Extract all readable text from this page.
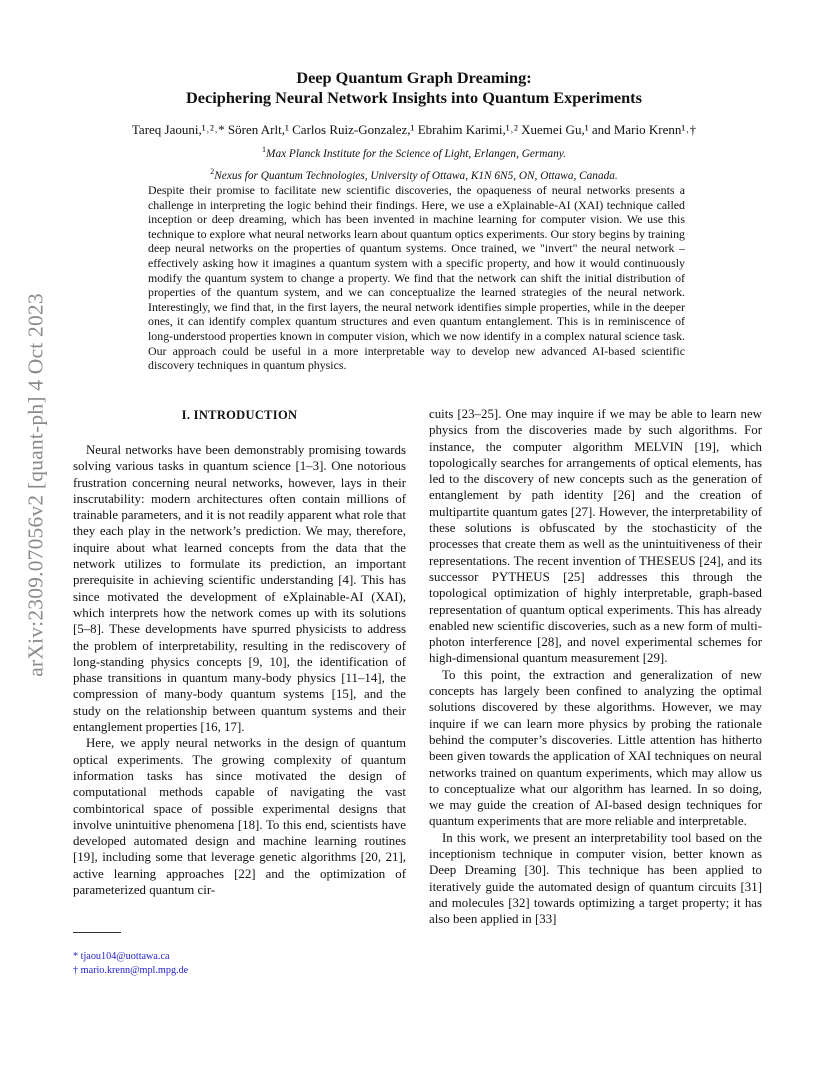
arXiv:2309.07056v2 [quant-ph] 4 Oct 2023
Deep Quantum Graph Dreaming:
Deciphering Neural Network Insights into Quantum Experiments
Tareq Jaouni,¹˒²˒* Sören Arlt,¹ Carlos Ruiz-Gonzalez,¹ Ebrahim Karimi,¹˒² Xuemei Gu,¹ and Mario Krenn¹˒†
$^1$Max Planck Institute for the Science of Light, Erlangen, Germany.
$^2$Nexus for Quantum Technologies, University of Ottawa, K1N 6N5, ON, Ottawa, Canada.
Despite their promise to facilitate new scientific discoveries, the opaqueness of neural networks presents a challenge in interpreting the logic behind their findings. Here, we use a eXplainable-AI (XAI) technique called inception or deep dreaming, which has been invented in machine learning for computer vision. We use this technique to explore what neural networks learn about quantum optics experiments. Our story begins by training deep neural networks on the properties of quantum systems. Once trained, we "invert" the neural network – effectively asking how it imagines a quantum system with a specific property, and how it would continuously modify the quantum system to change a property. We find that the network can shift the initial distribution of properties of the quantum system, and we can conceptualize the learned strategies of the neural network. Interestingly, we find that, in the first layers, the neural network identifies simple properties, while in the deeper ones, it can identify complex quantum structures and even quantum entanglement. This is in reminiscence of long-understood properties known in computer vision, which we now identify in a complex natural science task. Our approach could be useful in a more interpretable way to develop new advanced AI-based scientific discovery techniques in quantum physics.
I. INTRODUCTION

Neural networks have been demonstrably promising towards solving various tasks in quantum science [1–3]. One notorious frustration concerning neural networks, however, lays in their inscrutability: modern architectures often contain millions of trainable parameters, and it is not readily apparent what role that they each play in the network’s prediction. We may, therefore, inquire about what learned concepts from the data that the network utilizes to formulate its prediction, an important prerequisite in achieving scientific understanding [4]. This has since motivated the development of eXplainable-AI (XAI), which interprets how the network comes up with its solutions [5–8]. These developments have spurred physicists to address the problem of interpretability, resulting in the rediscovery of long-standing physics concepts [9, 10], the identification of phase transitions in quantum many-body physics [11–14], the compression of many-body quantum systems [15], and the study on the relationship between quantum systems and their entanglement properties [16, 17].

Here, we apply neural networks in the design of quantum optical experiments. The growing complexity of quantum information tasks has since motivated the design of computational methods capable of navigating the vast combintorical space of possible experimental designs that involve unintuitive phenomena [18]. To this end, scientists have developed automated design and machine learning routines [19], including some that leverage genetic algorithms [20, 21], active learning approaches [22] and the optimization of parameterized quantum cir-

cuits [23–25]. One may inquire if we may be able to learn new physics from the discoveries made by such algorithms. For instance, the computer algorithm MELVIN [19], which topologically searches for arrangements of optical elements, has led to the discovery of new concepts such as the generation of entanglement by path identity [26] and the creation of multipartite quantum gates [27]. However, the interpretability of these solutions is obfuscated by the stochasticity of the processes that create them as well as the unintuitiveness of their representations. The recent invention of THESEUS [24], and its successor PYTHEUS [25] addresses this through the topological optimization of highly interpretable, graph-based representation of quantum optical experiments. This has already enabled new scientific discoveries, such as a new form of multi-photon interference [28], and novel experimental schemes for high-dimensional quantum measurement [29].

To this point, the extraction and generalization of new concepts has largely been confined to analyzing the optimal solutions discovered by these algorithms. However, we may inquire if we can learn more physics by probing the rationale behind the computer’s discoveries. Little attention has hitherto been given towards the application of XAI techniques on neural networks trained on quantum experiments, which may allow us to conceptualize what our algorithm has learned. In so doing, we may guide the creation of AI-based design techniques for quantum experiments that are more reliable and interpretable.

In this work, we present an interpretability tool based on the inceptionism technique in computer vision, better known as Deep Dreaming [30]. This technique has been applied to iteratively guide the automated design of quantum circuits [31] and molecules [32] towards optimizing a target property; it has also been applied in [33]

* tjaou104@uottawa.ca
† mario.krenn@mpl.mpg.de
